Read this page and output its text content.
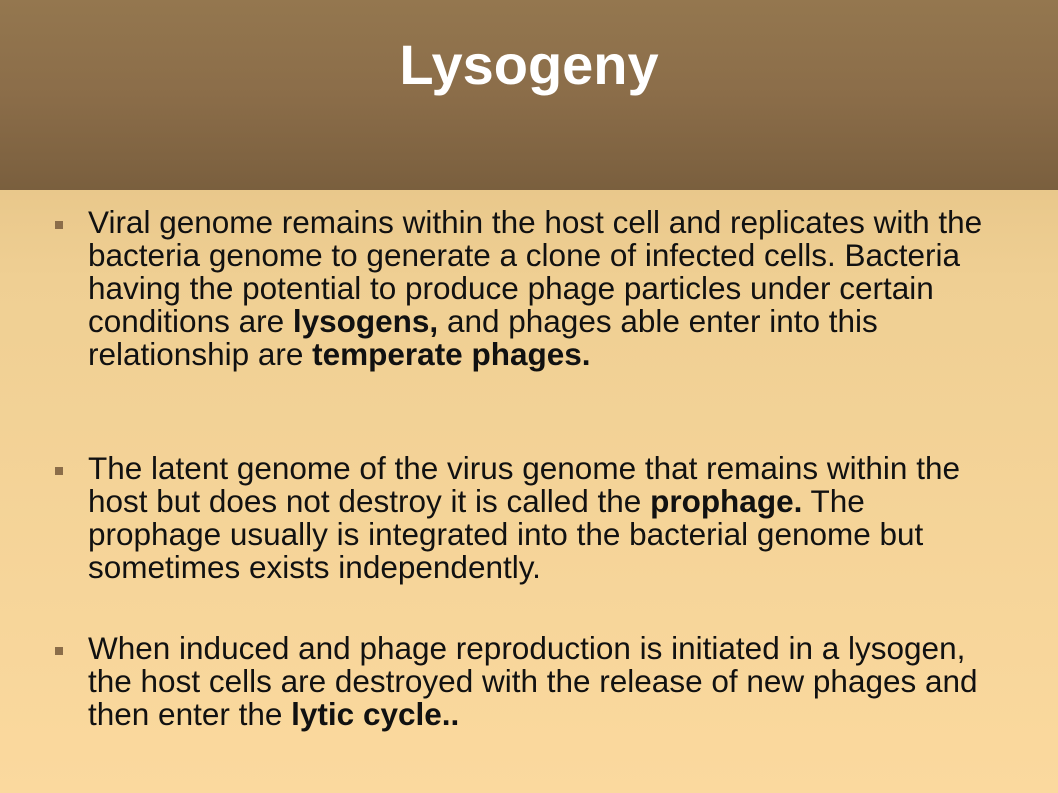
Lysogeny
Viral genome remains within the host cell and replicates with the bacteria genome to generate a clone of infected cells. Bacteria having the potential to produce phage particles under certain conditions are lysogens, and phages able enter into this relationship are temperate phages.
The latent genome of the virus genome that remains within the host but does not destroy it is called the prophage. The prophage usually is integrated into the bacterial genome but sometimes exists independently.
When induced and phage reproduction is initiated in a lysogen, the host cells are destroyed with the release of new phages and then enter the lytic cycle..
